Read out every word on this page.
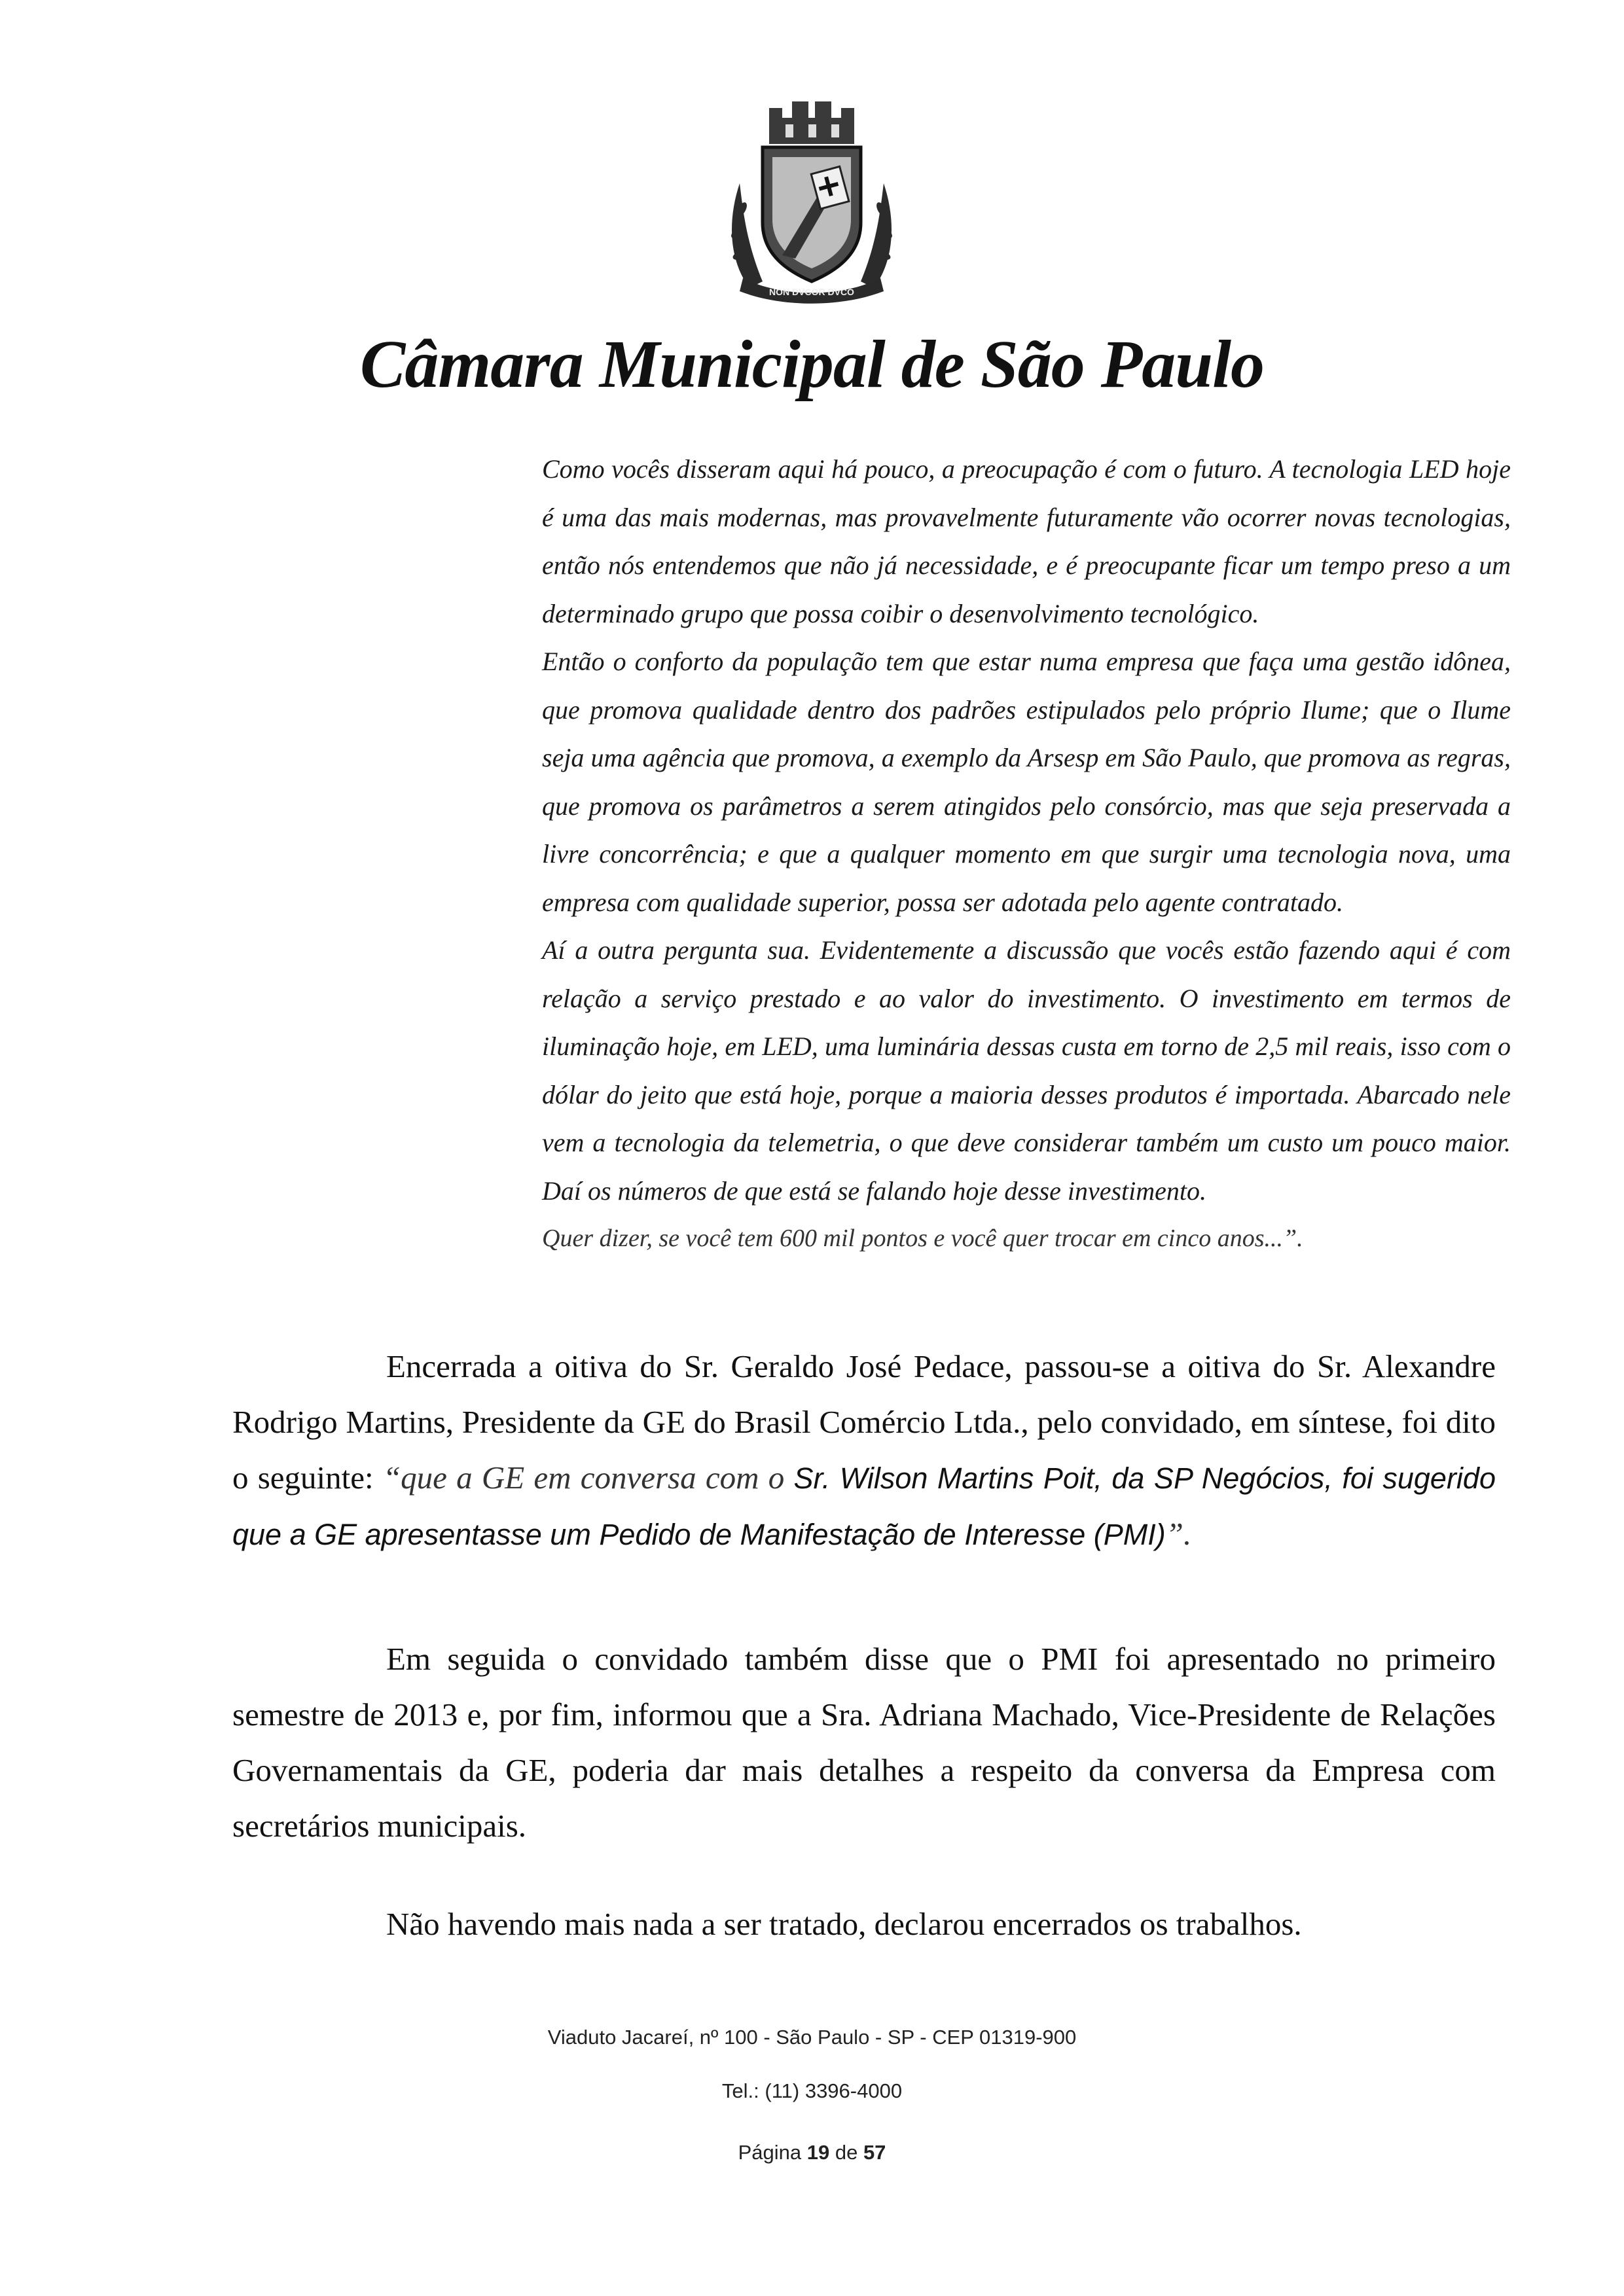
NON DVCOR DVCO
Câmara Municipal de São Paulo

Como vocês disseram aqui há pouco, a preocupação é com o futuro. A tecnologia LED hoje é uma das mais modernas, mas provavelmente futuramente vão ocorrer novas tecnologias, então nós entendemos que não já necessidade, e é preocupante ficar um tempo preso a um determinado grupo que possa coibir o desenvolvimento tecnológico.

Então o conforto da população tem que estar numa empresa que faça uma gestão idônea, que promova qualidade dentro dos padrões estipulados pelo próprio Ilume; que o Ilume seja uma agência que promova, a exemplo da Arsesp em São Paulo, que promova as regras, que promova os parâmetros a serem atingidos pelo consórcio, mas que seja preservada a livre concorrência; e que a qualquer momento em que surgir uma tecnologia nova, uma empresa com qualidade superior, possa ser adotada pelo agente contratado.

Aí a outra pergunta sua. Evidentemente a discussão que vocês estão fazendo aqui é com relação a serviço prestado e ao valor do investimento. O investimento em termos de iluminação hoje, em LED, uma luminária dessas custa em torno de 2,5 mil reais, isso com o dólar do jeito que está hoje, porque a maioria desses produtos é importada. Abarcado nele vem a tecnologia da telemetria, o que deve considerar também um custo um pouco maior. Daí os números de que está se falando hoje desse investimento.

Quer dizer, se você tem 600 mil pontos e você quer trocar em cinco anos...”.

Encerrada a oitiva do Sr. Geraldo José Pedace, passou-se a oitiva do Sr. Alexandre Rodrigo Martins, Presidente da GE do Brasil Comércio Ltda., pelo convidado, em síntese, foi dito o seguinte: “que a GE em conversa com o Sr. Wilson Martins Poit, da SP Negócios, foi sugerido que a GE apresentasse um Pedido de Manifestação de Interesse (PMI)”.

Em seguida o convidado também disse que o PMI foi apresentado no primeiro semestre de 2013 e, por fim, informou que a Sra. Adriana Machado, Vice-Presidente de Relações Governamentais da GE, poderia dar mais detalhes a respeito da conversa da Empresa com secretários municipais.

Não havendo mais nada a ser tratado, declarou encerrados os trabalhos.

Viaduto Jacareí, nº 100 - São Paulo - SP - CEP 01319-900
Tel.: (11) 3396-4000
Página 19 de 57
